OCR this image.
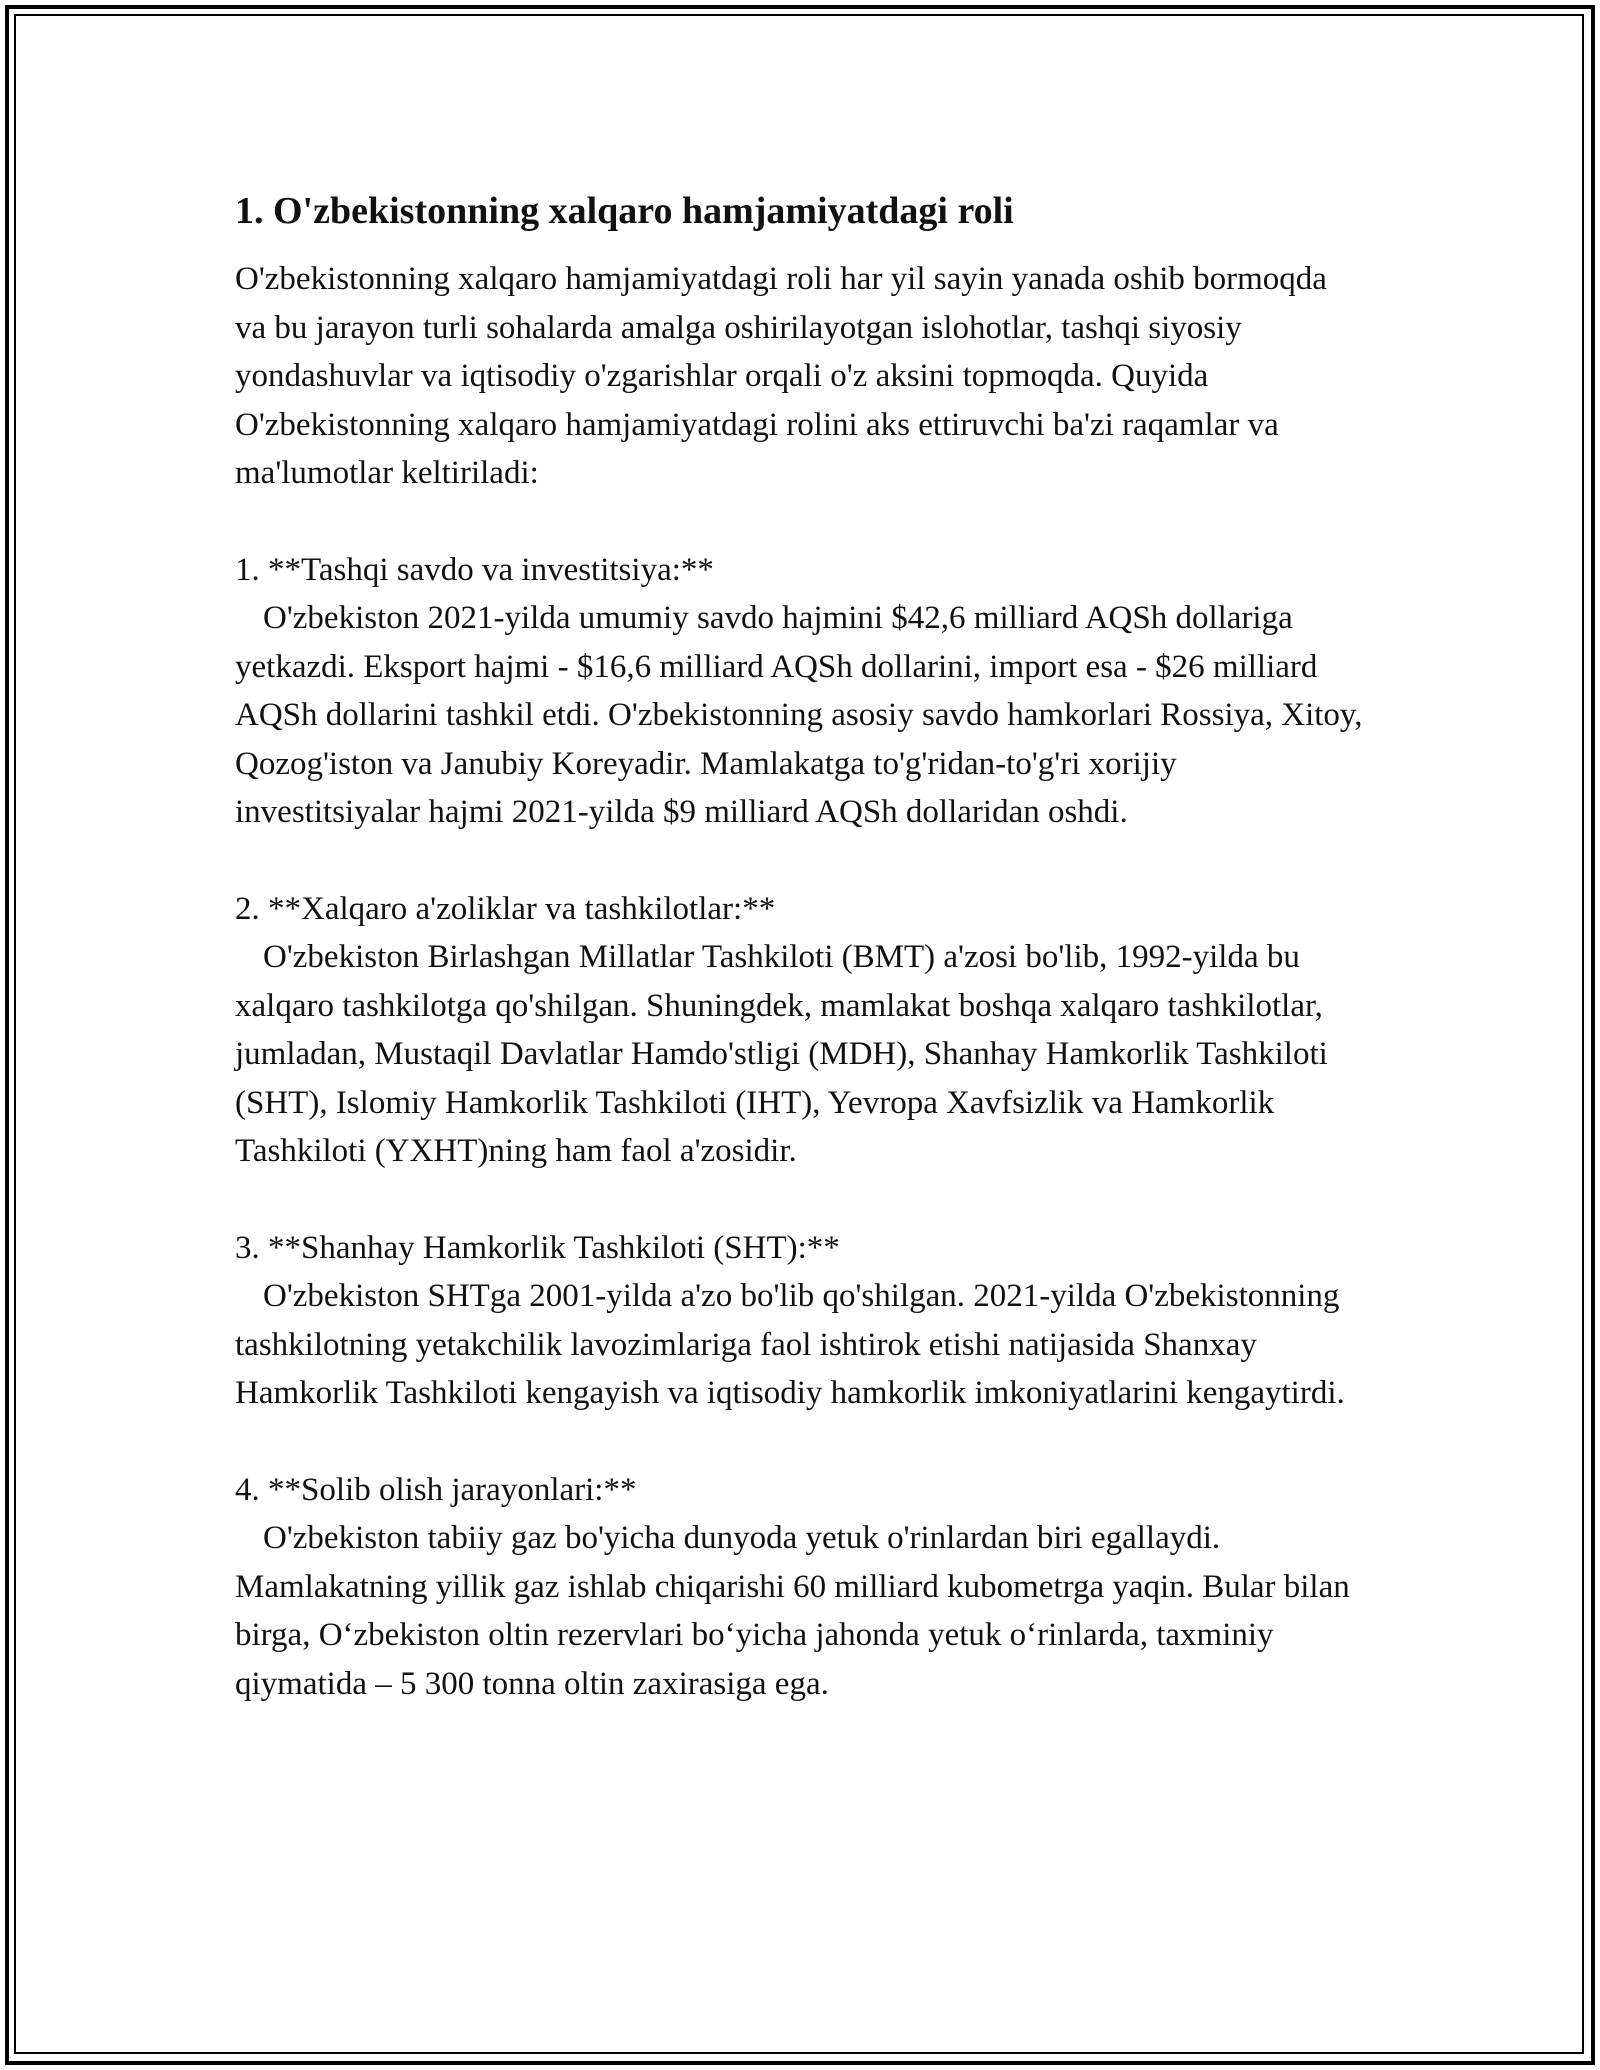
1. O'zbekistonning xalqaro hamjamiyatdagi roli

O'zbekistonning xalqaro hamjamiyatdagi roli har yil sayin yanada oshib bormoqda va bu jarayon turli sohalarda amalga oshirilayotgan islohotlar, tashqi siyosiy yondashuvlar va iqtisodiy o'zgarishlar orqali o'z aksini topmoqda. Quyida O'zbekistonning xalqaro hamjamiyatdagi rolini aks ettiruvchi ba'zi raqamlar va ma'lumotlar keltiriladi:

1. **Tashqi savdo va investitsiya:**

O'zbekiston 2021-yilda umumiy savdo hajmini $42,6 milliard AQSh dollariga yetkazdi. Eksport hajmi - $16,6 milliard AQSh dollarini, import esa - $26 milliard AQSh dollarini tashkil etdi. O'zbekistonning asosiy savdo hamkorlari Rossiya, Xitoy, Qozog'iston va Janubiy Koreyadir. Mamlakatga to'g'ridan-to'g'ri xorijiy investitsiyalar hajmi 2021-yilda $9 milliard AQSh dollaridan oshdi.

2. **Xalqaro a'zoliklar va tashkilotlar:**

O'zbekiston Birlashgan Millatlar Tashkiloti (BMT) a'zosi bo'lib, 1992-yilda bu xalqaro tashkilotga qo'shilgan. Shuningdek, mamlakat boshqa xalqaro tashkilotlar, jumladan, Mustaqil Davlatlar Hamdo'stligi (MDH), Shanhay Hamkorlik Tashkiloti (SHT), Islomiy Hamkorlik Tashkiloti (IHT), Yevropa Xavfsizlik va Hamkorlik Tashkiloti (YXHT)ning ham faol a'zosidir.

3. **Shanhay Hamkorlik Tashkiloti (SHT):**

O'zbekiston SHTga 2001-yilda a'zo bo'lib qo'shilgan. 2021-yilda O'zbekistonning tashkilotning yetakchilik lavozimlariga faol ishtirok etishi natijasida Shanxay Hamkorlik Tashkiloti kengayish va iqtisodiy hamkorlik imkoniyatlarini kengaytirdi.

4. **Solib olish jarayonlari:**

O'zbekiston tabiiy gaz bo'yicha dunyoda yetuk o'rinlardan biri egallaydi. Mamlakatning yillik gaz ishlab chiqarishi 60 milliard kubometrga yaqin. Bular bilan birga, O‘zbekiston oltin rezervlari bo‘yicha jahonda yetuk o‘rinlarda, taxminiy qiymatida – 5 300 tonna oltin zaxirasiga ega.
